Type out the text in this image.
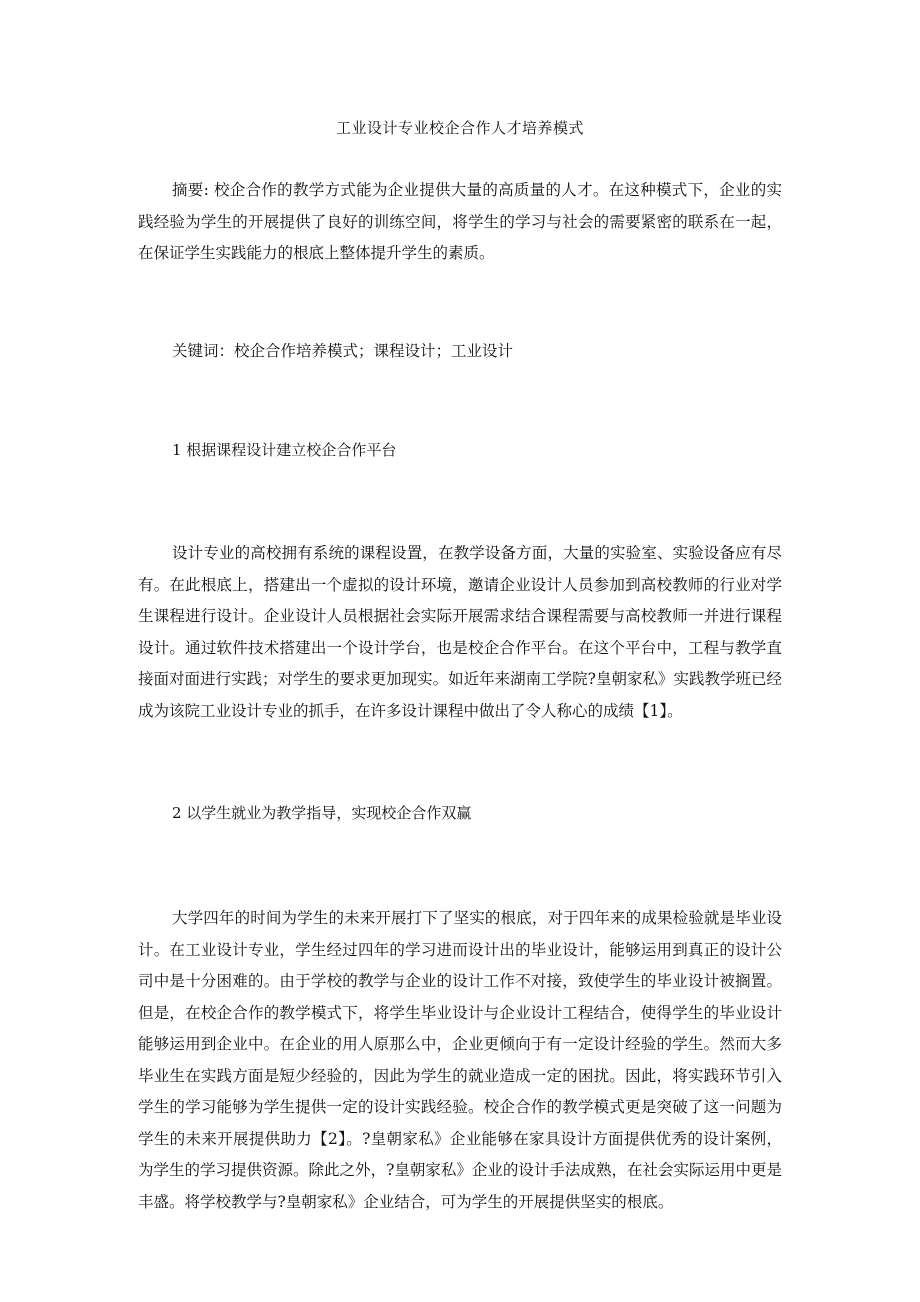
工业设计专业校企合作人才培养模式

摘要: 校企合作的教学方式能为企业提供大量的高质量的人才。在这种模式下，企业的实践经验为学生的开展提供了良好的训练空间，将学生的学习与社会的需要紧密的联系在一起，在保证学生实践能力的根底上整体提升学生的素质。

关键词：校企合作培养模式；课程设计；工业设计

1 根据课程设计建立校企合作平台

设计专业的高校拥有系统的课程设置，在教学设备方面，大量的实验室、实验设备应有尽有。在此根底上，搭建出一个虚拟的设计环境，邀请企业设计人员参加到高校教师的行业对学生课程进行设计。企业设计人员根据社会实际开展需求结合课程需要与高校教师一并进行课程设计。通过软件技术搭建出一个设计学台，也是校企合作平台。在这个平台中，工程与教学直接面对面进行实践；对学生的要求更加现实。如近年来湖南工学院?皇朝家私》实践教学班已经成为该院工业设计专业的抓手，在许多设计课程中做出了令人称心的成绩【1】。

2 以学生就业为教学指导，实现校企合作双赢

大学四年的时间为学生的未来开展打下了坚实的根底，对于四年来的成果检验就是毕业设计。在工业设计专业，学生经过四年的学习进而设计出的毕业设计，能够运用到真正的设计公司中是十分困难的。由于学校的教学与企业的设计工作不对接，致使学生的毕业设计被搁置。但是，在校企合作的教学模式下，将学生毕业设计与企业设计工程结合，使得学生的毕业设计能够运用到企业中。在企业的用人原那么中，企业更倾向于有一定设计经验的学生。然而大多毕业生在实践方面是短少经验的，因此为学生的就业造成一定的困扰。因此，将实践环节引入学生的学习能够为学生提供一定的设计实践经验。校企合作的教学模式更是突破了这一问题为学生的未来开展提供助力【2】。?皇朝家私》企业能够在家具设计方面提供优秀的设计案例，为学生的学习提供资源。除此之外，?皇朝家私》企业的设计手法成熟，在社会实际运用中更是丰盛。将学校教学与?皇朝家私》企业结合，可为学生的开展提供坚实的根底。
